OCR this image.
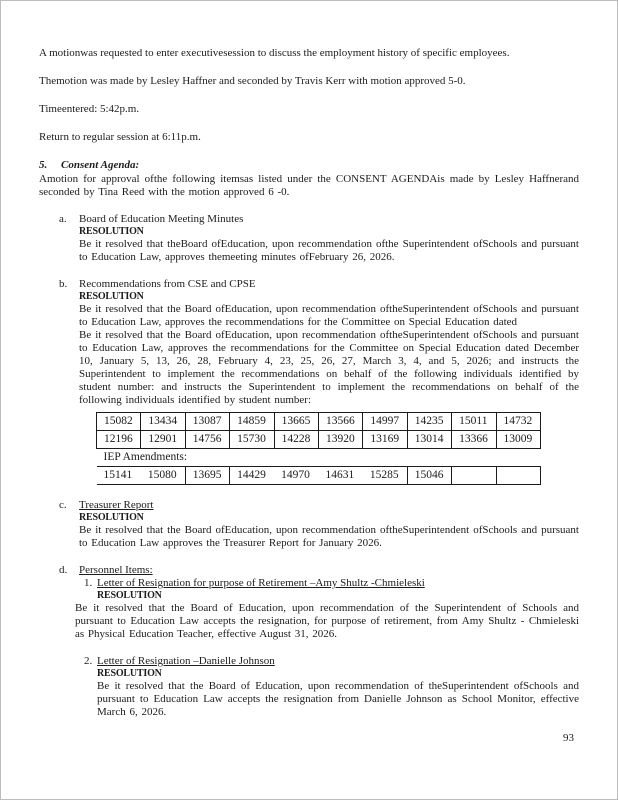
A motionwas requested to enter executivesession to discuss the employment history of specific employees.

Themotion was made by Lesley Haffner and seconded by Travis Kerr with motion approved 5-0.

Timeentered: 5:42p.m.

Return to regular session at 6:11p.m.

5.	Consent Agenda:

Amotion for approval ofthe following itemsas listed under the CONSENT AGENDAis made by Lesley Haffnerand seconded by Tina Reed with the motion approved 6 -0.

a.	Board of Education Meeting Minutes
RESOLUTION

Be it resolved that theBoard ofEducation, upon recommendation ofthe Superintendent ofSchools and pursuant to Education Law, approves themeeting minutes ofFebruary 26, 2026.

b.	Recommendations from CSE and CPSE
RESOLUTION

Be it resolved that the Board ofEducation, upon recommendation oftheSuperintendent ofSchools and pursuant to Education Law, approves the recommendations for the Committee on Special Education dated

Be it resolved that the Board ofEducation, upon recommendation oftheSuperintendent ofSchools and pursuant to Education Law, approves the recommendations for the Committee on Special Education dated December 10, January 5, 13, 26, 28, February 4, 23, 25, 26, 27, March 3, 4, and 5, 2026; and instructs the Superintendent to implement the recommendations on behalf of the following individuals identified by student number: and instructs the Superintendent to implement the recommendations on behalf of the following individuals identified by student number:

15082	13434	13087	14859	13665	13566	14997	14235	15011	14732
12196	12901	14756	15730	14228	13920	13169	13014	13366	13009
IEP Amendments:									
15141	15080	13695	14429	14970	14631	15285	15046		
c.	Treasurer Report
RESOLUTION

Be it resolved that the Board ofEducation, upon recommendation oftheSuperintendent ofSchools and pursuant to Education Law approves the Treasurer Report for January 2026.

d.	Personnel Items:
1. Letter of Resignation for purpose of Retirement –Amy Shultz -Chmieleski
RESOLUTION

Be it resolved that the Board of Education, upon recommendation of the Superintendent of Schools and pursuant to Education Law accepts the resignation, for purpose of retirement, from Amy Shultz - Chmieleski as Physical Education Teacher, effective August 31, 2026.

2. Letter of Resignation –Danielle Johnson
RESOLUTION

Be it resolved that the Board of Education, upon recommendation of theSuperintendent ofSchools and pursuant to Education Law accepts the resignation from Danielle Johnson as School Monitor, effective March 6, 2026.

93
